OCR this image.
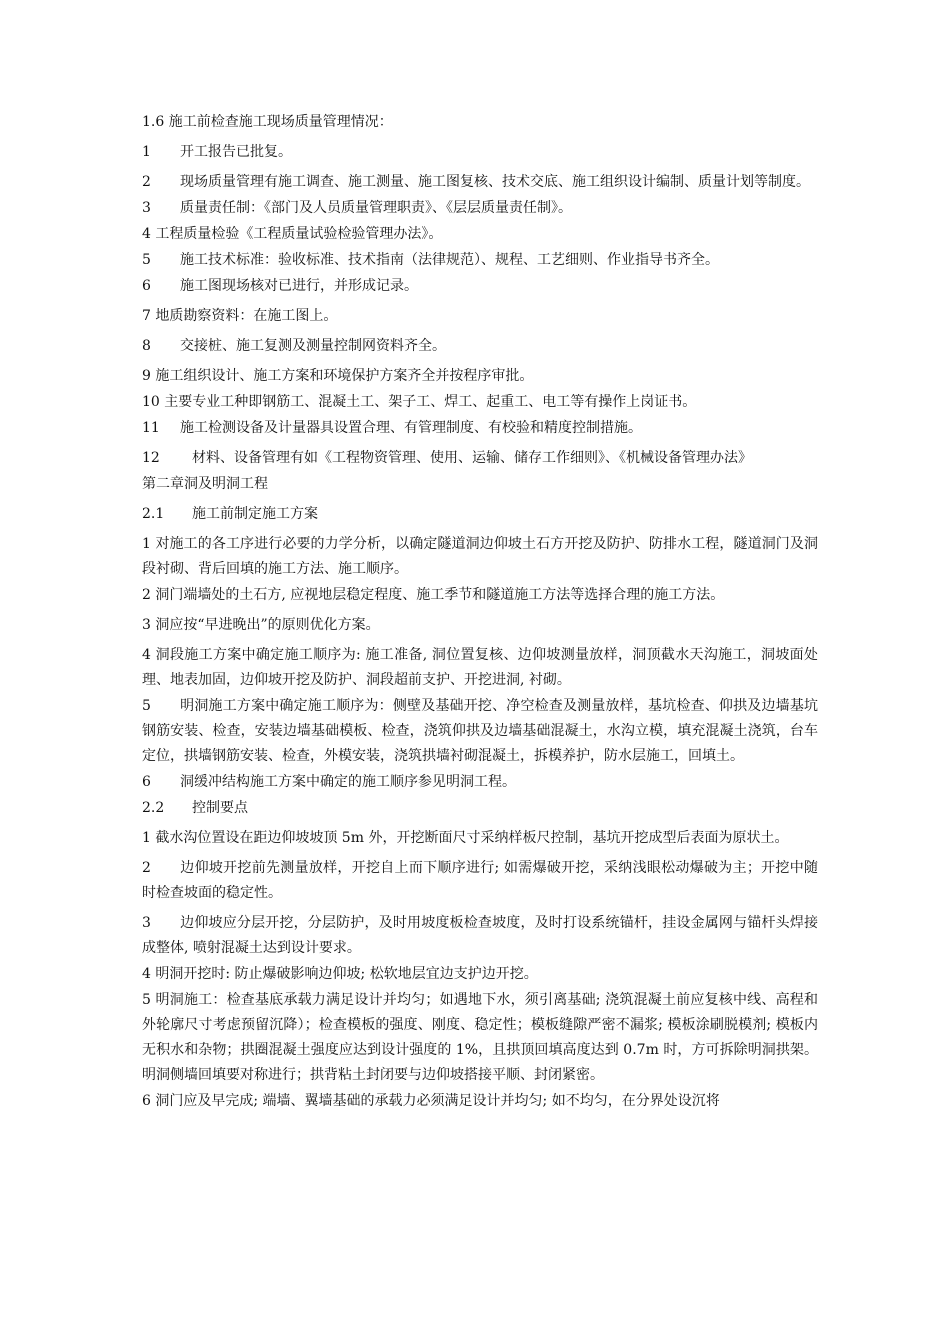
1.6 施工前检查施工现场质量管理情况：

1 开工报告已批复。

2 现场质量管理有施工调查、施工测量、施工图复核、技术交底、施工组织设计编制、质量计划等制度。

3 质量责任制：《部门及人员质量管理职责》、《层层质量责任制》。

4 工程质量检验《工程质量试验检验管理办法》。

5 施工技术标准：验收标准、技术指南（法律规范）、规程、工艺细则、作业指导书齐全。

6 施工图现场核对已进行，并形成记录。

7 地质勘察资料：在施工图上。

8 交接桩、施工复测及测量控制网资料齐全。

9 施工组织设计、施工方案和环境保护方案齐全并按程序审批。

10 主要专业工种即钢筋工、混凝土工、架子工、焊工、起重工、电工等有操作上岗证书。

11 施工检测设备及计量器具设置合理、有管理制度、有校验和精度控制措施。

12 材料、设备管理有如《工程物资管理、使用、运输、储存工作细则》、《机械设备管理办法》

第二章洞及明洞工程

2.1 施工前制定施工方案

1 对施工的各工序进行必要的力学分析，以确定隧道洞边仰坡土石方开挖及防护、防排水工程，隧道洞门及洞段衬砌、背后回填的施工方法、施工顺序。

2 洞门端墙处的土石方, 应视地层稳定程度、施工季节和隧道施工方法等选择合理的施工方法。

3 洞应按“早进晚出”的原则优化方案。

4 洞段施工方案中确定施工顺序为: 施工准备, 洞位置复核、边仰坡测量放样，洞顶截水天沟施工，洞坡面处理、地表加固，边仰坡开挖及防护、洞段超前支护、开挖进洞, 衬砌。

5 明洞施工方案中确定施工顺序为：侧壁及基础开挖、净空检查及测量放样，基坑检查、仰拱及边墙基坑钢筋安装、检查，安装边墙基础模板、检查，浇筑仰拱及边墙基础混凝土，水沟立模，填充混凝土浇筑，台车定位，拱墙钢筋安装、检查，外模安装，浇筑拱墙衬砌混凝土，拆模养护，防水层施工，回填土。

6 洞缓冲结构施工方案中确定的施工顺序参见明洞工程。

2.2 控制要点

1 截水沟位置设在距边仰坡坡顶 5m 外，开挖断面尺寸采纳样板尺控制，基坑开挖成型后表面为原状土。

2 边仰坡开挖前先测量放样，开挖自上而下顺序进行; 如需爆破开挖，采纳浅眼松动爆破为主；开挖中随时检查坡面的稳定性。

3 边仰坡应分层开挖，分层防护，及时用坡度板检查坡度，及时打设系统锚杆，挂设金属网与锚杆头焊接成整体, 喷射混凝土达到设计要求。

4 明洞开挖时: 防止爆破影响边仰坡; 松软地层宜边支护边开挖。

5 明洞施工：检查基底承载力满足设计并均匀；如遇地下水，须引离基础; 浇筑混凝土前应复核中线、高程和外轮廓尺寸考虑预留沉降）；检查模板的强度、刚度、稳定性；模板缝隙严密不漏浆; 模板涂刷脱模剂; 模板内无积水和杂物；拱圈混凝土强度应达到设计强度的 1%，且拱顶回填高度达到 0.7m 时，方可拆除明洞拱架。明洞侧墙回填要对称进行；拱背粘土封闭要与边仰坡搭接平顺、封闭紧密。

6 洞门应及早完成; 端墙、翼墙基础的承载力必须满足设计并均匀; 如不均匀，在分界处设沉将
